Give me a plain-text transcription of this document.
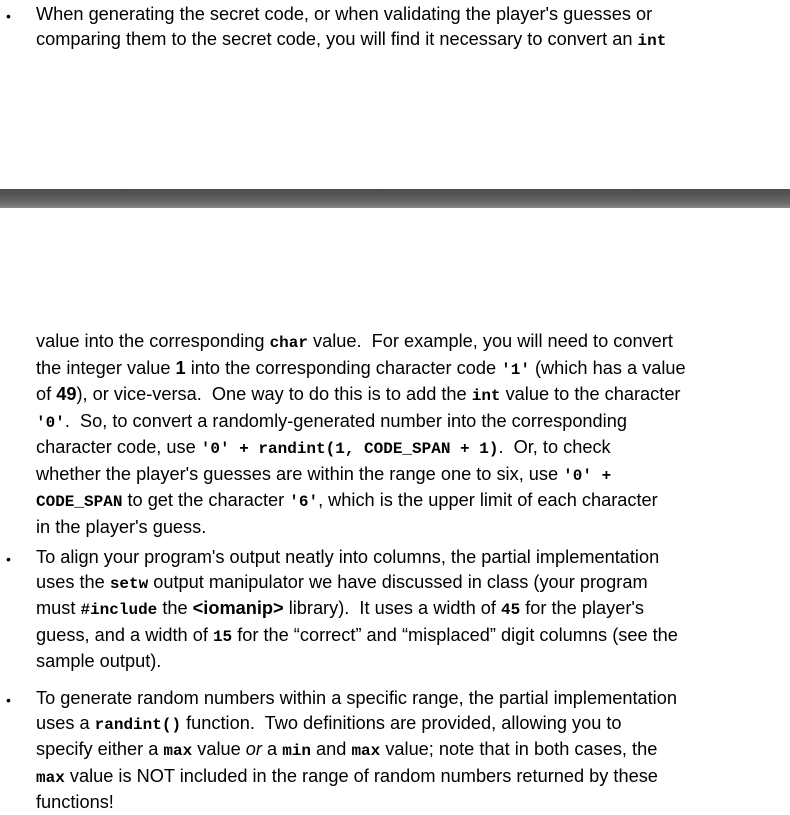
• When generating the secret code, or when validating the player's guesses or
comparing them to the secret code, you will find it necessary to convert an int
value into the corresponding char value.  For example, you will need to convert
the integer value 1 into the corresponding character code '1' (which has a value
of 49), or vice-versa.  One way to do this is to add the int value to the character
'0'.  So, to convert a randomly-generated number into the corresponding
character code, use '0' + randint(1, CODE_SPAN + 1).  Or, to check
whether the player's guesses are within the range one to six, use '0' +
CODE_SPAN to get the character '6', which is the upper limit of each character
in the player's guess.
• To align your program's output neatly into columns, the partial implementation
uses the setw output manipulator we have discussed in class (your program
must #include the <iomanip> library).  It uses a width of 45 for the player's
guess, and a width of 15 for the “correct” and “misplaced” digit columns (see the
sample output).
• To generate random numbers within a specific range, the partial implementation
uses a randint() function.  Two definitions are provided, allowing you to
specify either a max value or a min and max value; note that in both cases, the
max value is NOT included in the range of random numbers returned by these
functions!
